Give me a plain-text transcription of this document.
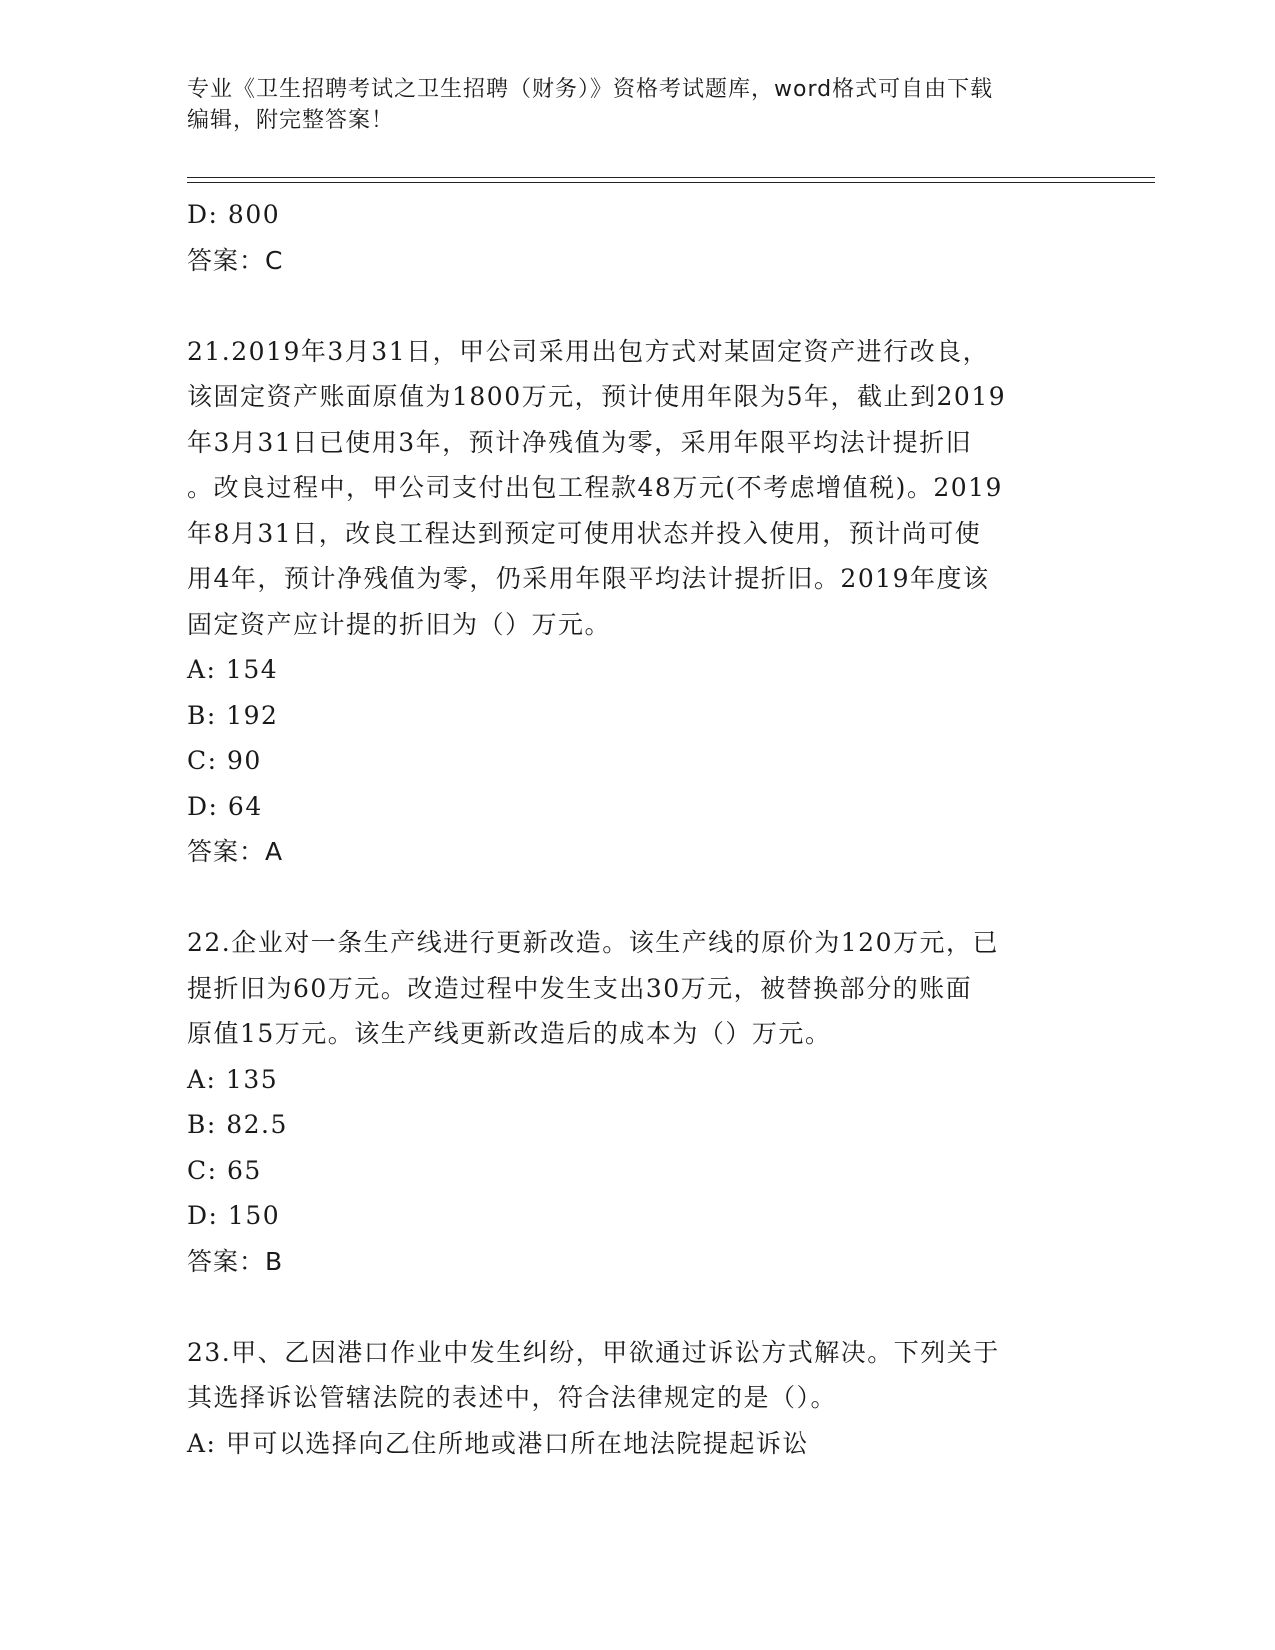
专业《卫生招聘考试之卫生招聘（财务）》资格考试题库，word格式可自由下载
编辑，附完整答案！
D: 800
答案：C
21.2019年3月31日，甲公司采用出包方式对某固定资产进行改良，
该固定资产账面原值为1800万元，预计使用年限为5年，截止到2019
年3月31日已使用3年，预计净残值为零，采用年限平均法计提折旧
。改良过程中，甲公司支付出包工程款48万元(不考虑增值税)。2019
年8月31日，改良工程达到预定可使用状态并投入使用，预计尚可使
用4年，预计净残值为零，仍采用年限平均法计提折旧。2019年度该
固定资产应计提的折旧为（）万元。
A: 154
B: 192
C: 90
D: 64
答案：A
22.企业对一条生产线进行更新改造。该生产线的原价为120万元，已
提折旧为60万元。改造过程中发生支出30万元，被替换部分的账面
原值15万元。该生产线更新改造后的成本为（）万元。
A: 135
B: 82.5
C: 65
D: 150
答案：B
23.甲、乙因港口作业中发生纠纷，甲欲通过诉讼方式解决。下列关于
其选择诉讼管辖法院的表述中，符合法律规定的是（）。
A: 甲可以选择向乙住所地或港口所在地法院提起诉讼
